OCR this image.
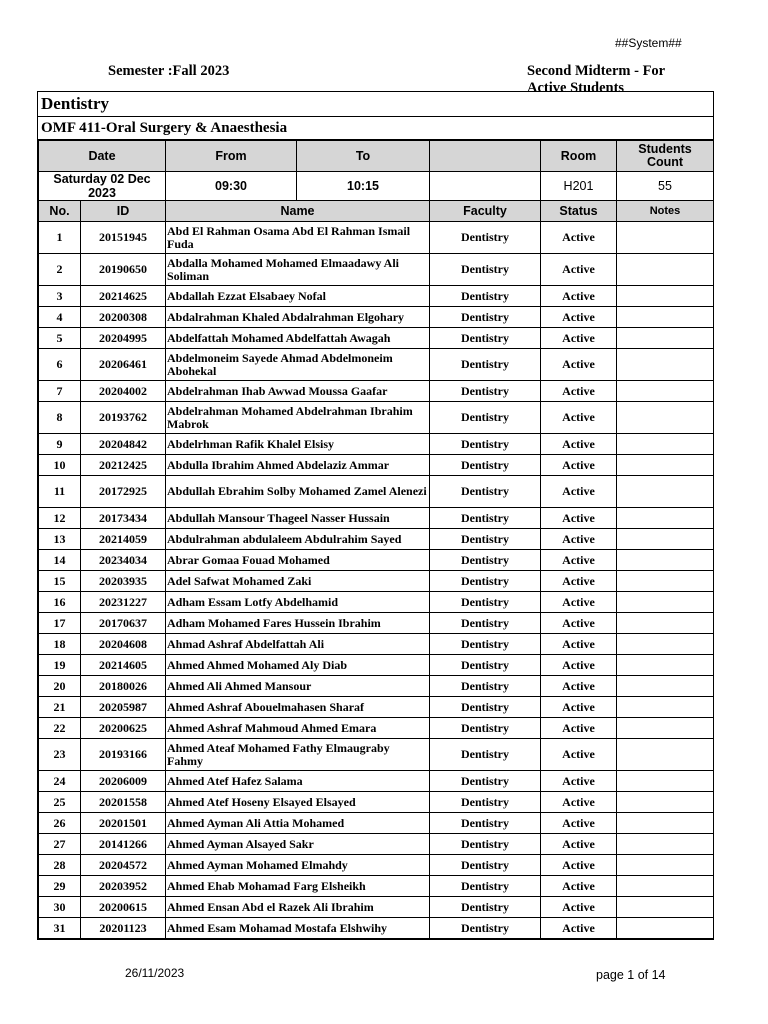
##System##
Semester :Fall 2023	Second Midterm - For Active Students
Dentistry
OMF 411-Oral Surgery & Anaesthesia
Date		From	To		Room	Students Count
Saturday 02 Dec 2023		09:30	10:15		H201	55
No.	ID	Name		Faculty	Status	Notes
1	20151945	Abd El Rahman Osama Abd El Rahman Ismail Fuda		Dentistry	Active	
2	20190650	Abdalla Mohamed Mohamed Elmaadawy Ali Soliman		Dentistry	Active	
3	20214625	Abdallah Ezzat Elsabaey Nofal		Dentistry	Active	
4	20200308	Abdalrahman Khaled Abdalrahman Elgohary		Dentistry	Active	
5	20204995	Abdelfattah Mohamed Abdelfattah Awagah		Dentistry	Active	
6	20206461	Abdelmoneim Sayede Ahmad Abdelmoneim Abohekal		Dentistry	Active	
7	20204002	Abdelrahman Ihab Awwad Moussa Gaafar		Dentistry	Active	
8	20193762	Abdelrahman Mohamed Abdelrahman Ibrahim Mabrok		Dentistry	Active	
9	20204842	Abdelrhman Rafik Khalel Elsisy		Dentistry	Active	
10	20212425	Abdulla Ibrahim Ahmed Abdelaziz Ammar		Dentistry	Active	
11	20172925	Abdullah Ebrahim Solby Mohamed Zamel Alenezi		Dentistry	Active	
12	20173434	Abdullah Mansour Thageel Nasser Hussain		Dentistry	Active	
13	20214059	Abdulrahman abdulaleem Abdulrahim Sayed		Dentistry	Active	
14	20234034	Abrar Gomaa Fouad Mohamed		Dentistry	Active	
15	20203935	Adel Safwat Mohamed Zaki		Dentistry	Active	
16	20231227	Adham Essam Lotfy Abdelhamid		Dentistry	Active	
17	20170637	Adham Mohamed Fares Hussein Ibrahim		Dentistry	Active	
18	20204608	Ahmad Ashraf Abdelfattah Ali		Dentistry	Active	
19	20214605	Ahmed Ahmed Mohamed Aly Diab		Dentistry	Active	
20	20180026	Ahmed Ali Ahmed Mansour		Dentistry	Active	
21	20205987	Ahmed Ashraf Abouelmahasen Sharaf		Dentistry	Active	
22	20200625	Ahmed Ashraf Mahmoud Ahmed Emara		Dentistry	Active	
23	20193166	Ahmed Ateaf Mohamed Fathy Elmaugraby Fahmy		Dentistry	Active	
24	20206009	Ahmed Atef Hafez Salama		Dentistry	Active	
25	20201558	Ahmed Atef Hoseny Elsayed Elsayed		Dentistry	Active	
26	20201501	Ahmed Ayman Ali Attia Mohamed		Dentistry	Active	
27	20141266	Ahmed Ayman Alsayed Sakr		Dentistry	Active	
28	20204572	Ahmed Ayman Mohamed Elmahdy		Dentistry	Active	
29	20203952	Ahmed Ehab Mohamad Farg Elsheikh		Dentistry	Active	
30	20200615	Ahmed Ensan Abd el Razek Ali Ibrahim		Dentistry	Active	
31	20201123	Ahmed Esam Mohamad Mostafa Elshwihy		Dentistry	Active	
26/11/2023	page 1 of 14
